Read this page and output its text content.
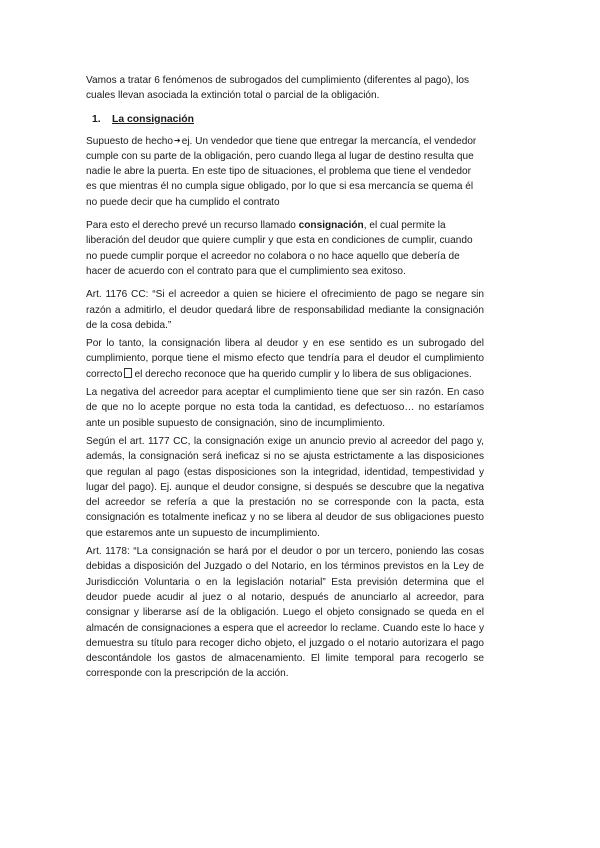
Vamos a tratar 6 fenómenos de subrogados del cumplimiento (diferentes al pago), los cuales llevan asociada la extinción total o parcial de la obligación.

1. La consignación

Supuesto de hecho➔ej. Un vendedor que tiene que entregar la mercancía, el vendedor cumple con su parte de la obligación, pero cuando llega al lugar de destino resulta que nadie le abre la puerta. En este tipo de situaciones, el problema que tiene el vendedor es que mientras él no cumpla sigue obligado, por lo que si esa mercancía se quema él no puede decir que ha cumplido el contrato

Para esto el derecho prevé un recurso llamado consignación, el cual permite la liberación del deudor que quiere cumplir y que esta en condiciones de cumplir, cuando no puede cumplir porque el acreedor no colabora o no hace aquello que debería de hacer de acuerdo con el contrato para que el cumplimiento sea exitoso.

Art. 1176 CC: “Si el acreedor a quien se hiciere el ofrecimiento de pago se negare sin razón a admitirlo, el deudor quedará libre de responsabilidad mediante la consignación de la cosa debida.”

Por lo tanto, la consignación libera al deudor y en ese sentido es un subrogado del cumplimiento, porque tiene el mismo efecto que tendría para el deudor el cumplimiento correcto el derecho reconoce que ha querido cumplir y lo libera de sus obligaciones.

La negativa del acreedor para aceptar el cumplimiento tiene que ser sin razón. En caso de que no lo acepte porque no esta toda la cantidad, es defectuoso… no estaríamos ante un posible supuesto de consignación, sino de incumplimiento.

Según el art. 1177 CC, la consignación exige un anuncio previo al acreedor del pago y, además, la consignación será ineficaz si no se ajusta estrictamente a las disposiciones que regulan al pago (estas disposiciones son la integridad, identidad, tempestividad y lugar del pago). Ej. aunque el deudor consigne, si después se descubre que la negativa del acreedor se refería a que la prestación no se corresponde con la pacta, esta consignación es totalmente ineficaz y no se libera al deudor de sus obligaciones puesto que estaremos ante un supuesto de incumplimiento.

Art. 1178: “La consignación se hará por el deudor o por un tercero, poniendo las cosas debidas a disposición del Juzgado o del Notario, en los términos previstos en la Ley de Jurisdicción Voluntaria o en la legislación notarial” Esta previsión determina que el deudor puede acudir al juez o al notario, después de anunciarlo al acreedor, para consignar y liberarse así de la obligación. Luego el objeto consignado se queda en el almacén de consignaciones a espera que el acreedor lo reclame. Cuando este lo hace y demuestra su título para recoger dicho objeto, el juzgado o el notario autorizara el pago descontándole los gastos de almacenamiento. El limite temporal para recogerlo se corresponde con la prescripción de la acción.
